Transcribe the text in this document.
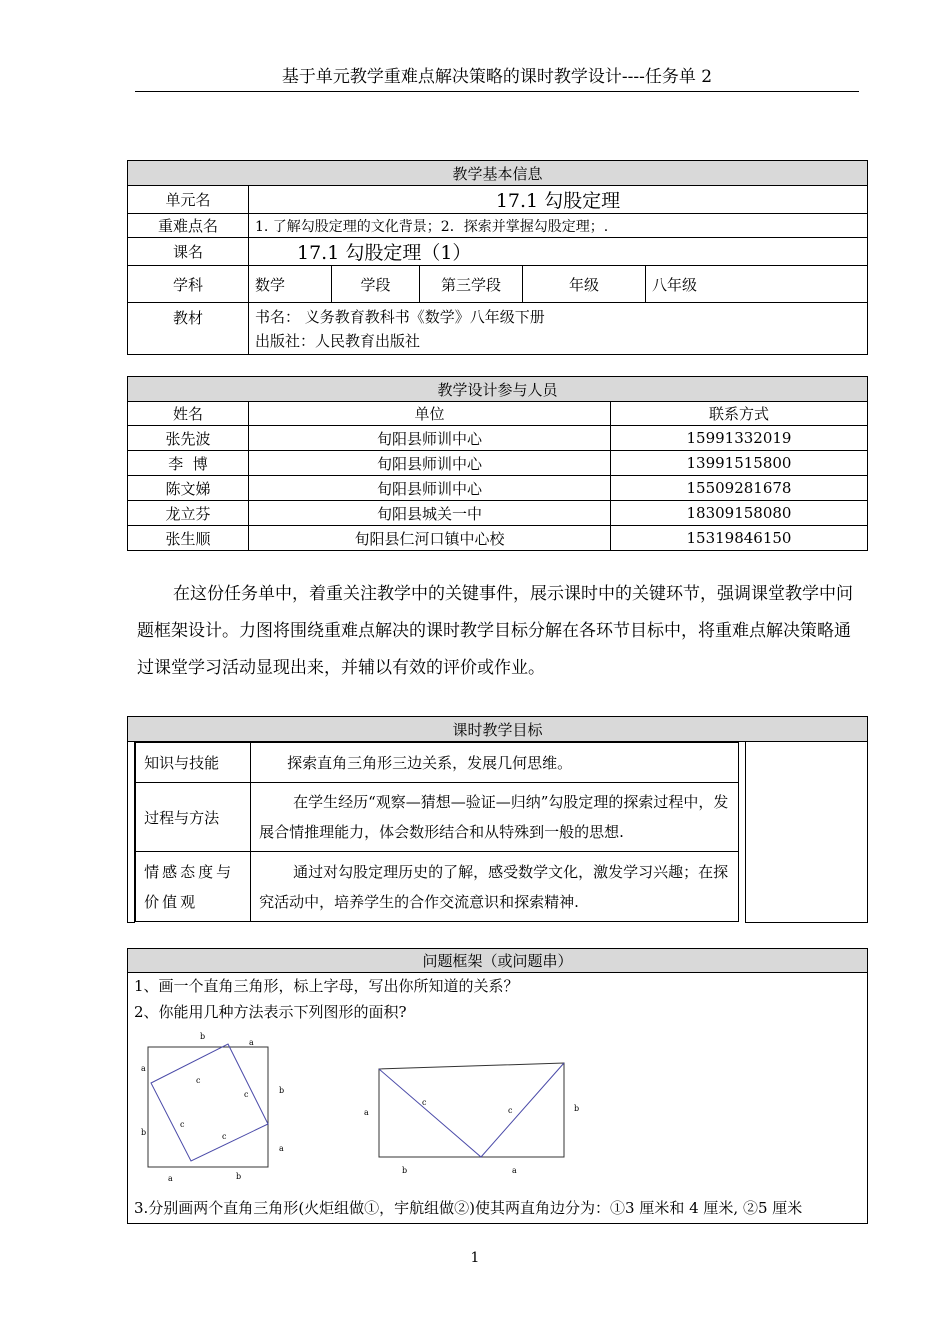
基于单元教学重难点解决策略的课时教学设计----任务单 2
教学基本信息					
单元名	17.1 勾股定理				
重难点名	1. 了解勾股定理的文化背景；2．探索并掌握勾股定理；.				
课名	17.1 勾股定理（1）				
学科	数学	学段	第三学段	年级	八年级
教材	书名： 义务教育教科书《数学》八年级下册
出版社：人民教育出版社				
教学设计参与人员		
姓名	单位	联系方式
张先波	旬阳县师训中心	15991332019
李  博	旬阳县师训中心	13991515800
陈文娣	旬阳县师训中心	15509281678
龙立芬	旬阳县城关一中	18309158080
张生顺	旬阳县仁河口镇中心校	15319846150
在这份任务单中，着重关注教学中的关键事件，展示课时中的关键环节，强调课堂教学中问题框架设计。力图将围绕重难点解决的课时教学目标分解在各环节目标中，将重难点解决策略通过课堂学习活动显现出来，并辅以有效的评价或作业。
课时教学目标

知识与技能	探索直角三角形三边关系，发展几何思维。
过程与方法	在学生经历“观察—猜想—验证—归纳”勾股定理的探索过程中，发展合情推理能力，体会数形结合和从特殊到一般的思想.
情感态度与价值观	通过对勾股定理历史的了解，感受数学文化，激发学习兴趣；在探究活动中，培养学生的合作交流意识和探索精神.

问题框架（或问题串）

1、画一个直角三角形，标上字母，写出你所知道的关系？
2、你能用几种方法表示下列图形的面积?
b
a
a
b
b
a
a	b
c
c
c
c
a	b
c
c
b	a
3.分别画两个直角三角形(火炬组做①，宇航组做②)使其两直角边分为：①3 厘米和 4 厘米, ②5 厘米
1
